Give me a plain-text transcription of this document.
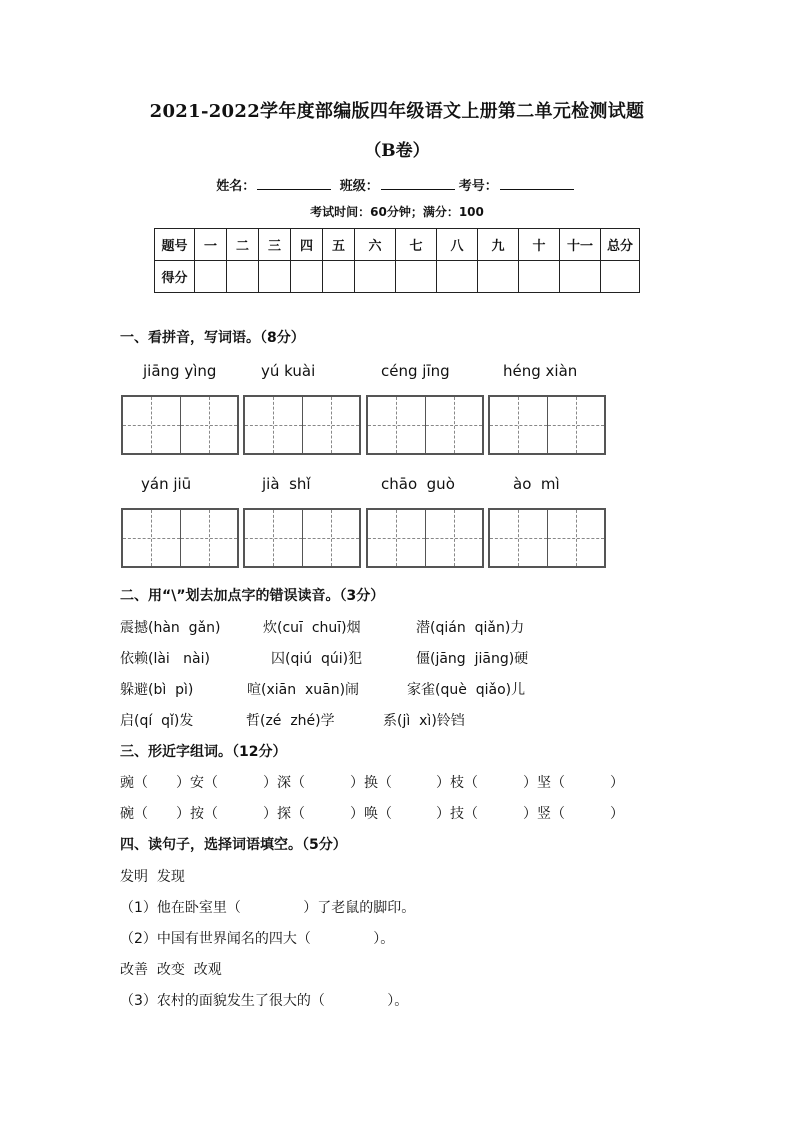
2021-2022学年度部编版四年级语文上册第二单元检测试题
（B卷）
姓名：	班级：	考号：
考试时间：60分钟；满分：100
题号	一	二	三	四	五	六	七	八	九	十	十一	总分
得分												
一、看拼音，写词语。（8分）
jiāng yìng	yú kuài	céng jīng	héng xiàn
yán jiū	jià  shǐ	chāo  guò	ào  mì
二、用“\”划去加点字的错误读音。（3分）
震撼(hàn  gǎn)	炊(cuī  chuī)烟	潜(qián  qiǎn)力
依赖(lài   nài)	囚(qiú  qúi)犯	僵(jāng  jiāng)硬
躲避(bì  pì)	喧(xiān  xuān)闹	家雀(què  qiǎo)儿
启(qí  qǐ)发	哲(zé  zhé)学	系(jì  xì)铃铛
三、形近字组词。（12分）
豌（ ）安（	）深（	）换（	）枝（	）坚（	）
碗（ ）按（	）探（	）唤（	）技（	）竖（	）
四、读句子，选择词语填空。（5分）
发明  发现
（1）他在卧室里（              ）了老鼠的脚印。
（2）中国有世界闻名的四大（              ）。
改善  改变  改观
（3）农村的面貌发生了很大的（              ）。
